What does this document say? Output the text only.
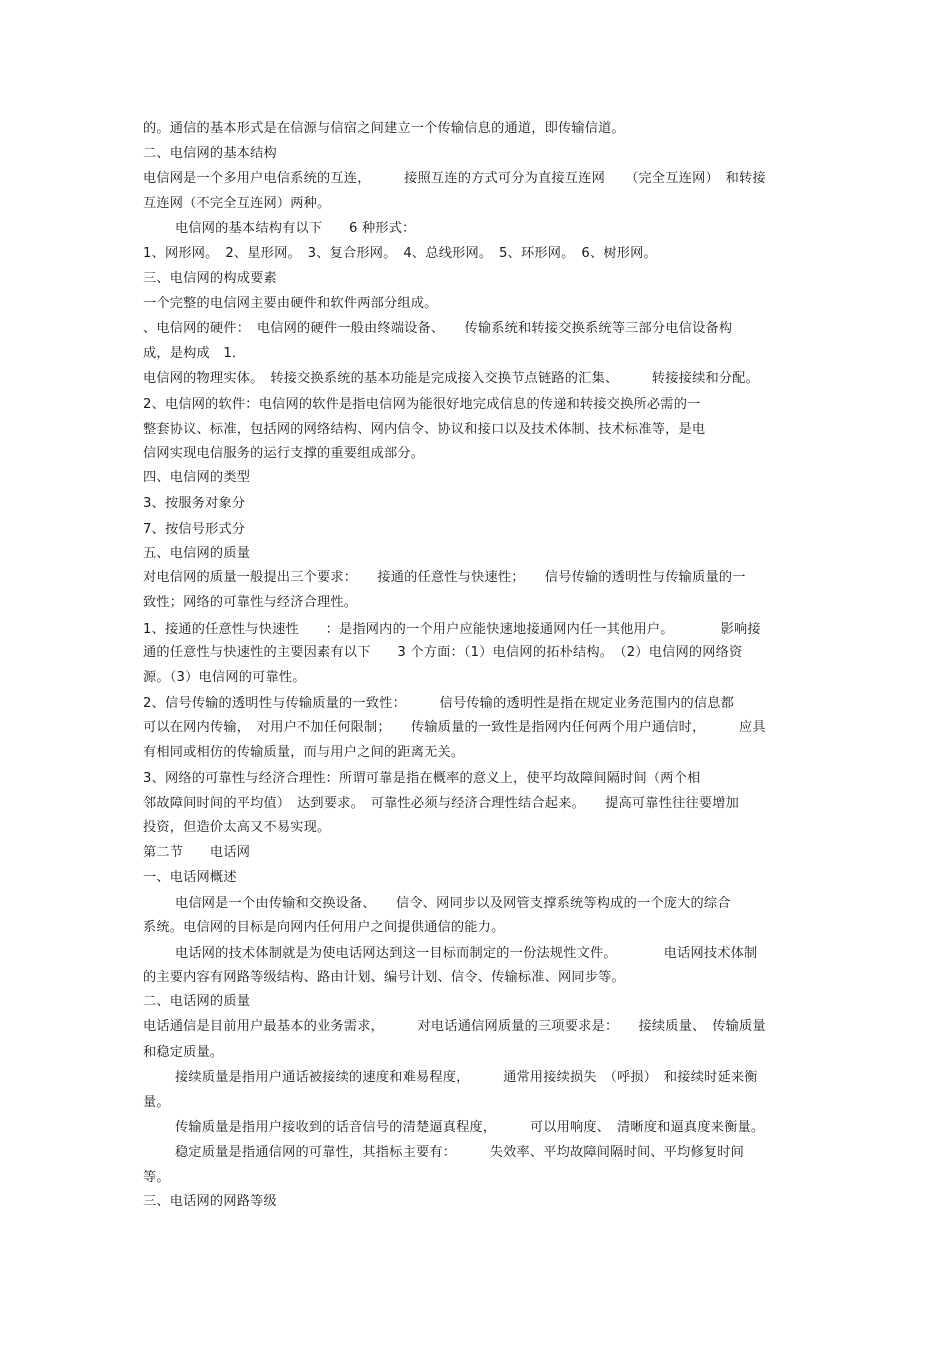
的。通信的基本形式是在信源与信宿之间建立一个传输信息的通道，即传输信道。

二、电信网的基本结构

电信网是一个多用户电信系统的互连，　　　接照互连的方式可分为直接互连网　　（完全互连网）　和转接

互连网（不完全互连网）两种。

电信网的基本结构有以下　　6 种形式：

1、网形网。　2、星形网。　3、复合形网。　4、总线形网。　5、环形网。　6、树形网。

三、电信网的构成要素

一个完整的电信网主要由硬件和软件两部分组成。

、电信网的硬件：　电信网的硬件一般由终端设备、　　传输系统和转接交换系统等三部分电信设备构

成，是构成　1．

电信网的物理实体。　转接交换系统的基本功能是完成接入交换节点链路的汇集、　　　转接接续和分配。

2、电信网的软件：电信网的软件是指电信网为能很好地完成信息的传递和转接交换所必需的一

整套协议、标准，包括网的网络结构、网内信令、协议和接口以及技术体制、技术标准等，是电

信网实现电信服务的运行支撑的重要组成部分。

四、电信网的类型

3、按服务对象分

7、按信号形式分

五、电信网的质量

对电信网的质量一般提出三个要求：　　接通的任意性与快速性；　　信号传输的透明性与传输质量的一

致性；网络的可靠性与经济合理性。

1、接通的任意性与快速性　　：是指网内的一个用户应能快速地接通网内任一其他用户。　　　　影响接

通的任意性与快速性的主要因素有以下　　3 个方面：（1）电信网的拓朴结构。　（2）电信网的网络资

源。（3）电信网的可靠性。

2、信号传输的透明性与传输质量的一致性：　　　信号传输的透明性是指在规定业务范围内的信息都

可以在网内传输，　对用户不加任何限制；　　传输质量的一致性是指网内任何两个用户通信时，　　　应具

有相同或相仿的传输质量，而与用户之间的距离无关。

3、网络的可靠性与经济合理性：所谓可靠是指在概率的意义上，使平均故障间隔时间（两个相

邻故障间时间的平均值）　达到要求。　可靠性必须与经济合理性结合起来。　　提高可靠性往往要增加

投资，但造价太高又不易实现。

第二节　　电话网

一、电话网概述

电信网是一个由传输和交换设备、　　信令、网同步以及网管支撑系统等构成的一个庞大的综合

系统。电信网的目标是向网内任何用户之间提供通信的能力。

电话网的技术体制就是为使电话网达到这一目标而制定的一份法规性文件。　　　　电话网技术体制

的主要内容有网路等级结构、路由计划、编号计划、信令、传输标准、网同步等。

二、电话网的质量

电话通信是目前用户最基本的业务需求，　　　对电话通信网质量的三项要求是：　　接续质量、　传输质量

和稳定质量。

接续质量是指用户通话被接续的速度和难易程度，　　　通常用接续损失　（呼损）　和接续时延来衡

量。

传输质量是指用户接收到的话音信号的清楚逼真程度，　　　可以用响度、　清晰度和逼真度来衡量。

稳定质量是指通信网的可靠性，其指标主要有：　　　失效率、平均故障间隔时间、平均修复时间

等。

三、电话网的网路等级
